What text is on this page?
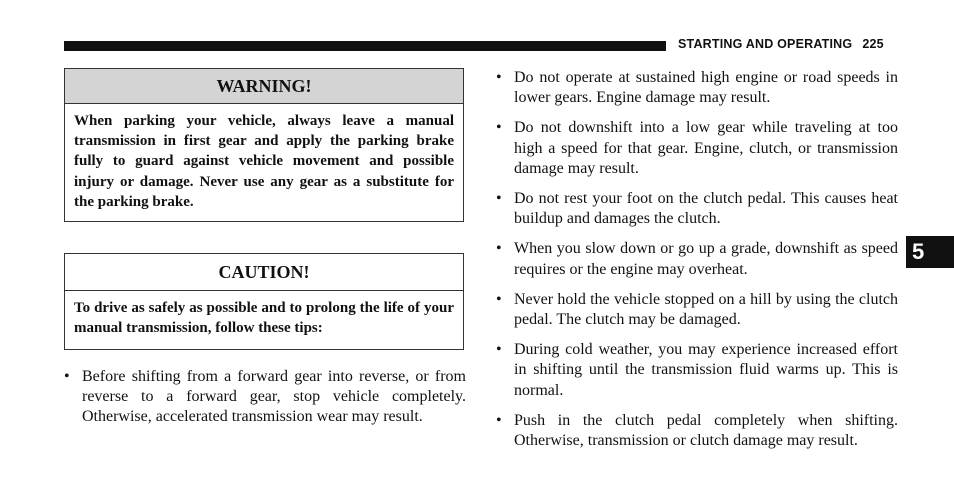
STARTING AND OPERATING 225
WARNING!
When parking your vehicle, always leave a manual transmission in first gear and apply the parking brake fully to guard against vehicle movement and possible injury or damage. Never use any gear as a substitute for the parking brake.
CAUTION!
To drive as safely as possible and to prolong the life of your manual transmission, follow these tips:
• Before shifting from a forward gear into reverse, or from reverse to a forward gear, stop vehicle completely. Otherwise, accelerated transmission wear may result.
• Do not operate at sustained high engine or road speeds in lower gears. Engine damage may result.
• Do not downshift into a low gear while traveling at too high a speed for that gear. Engine, clutch, or transmission damage may result.
• Do not rest your foot on the clutch pedal. This causes heat buildup and damages the clutch.
• When you slow down or go up a grade, downshift as speed requires or the engine may overheat.
• Never hold the vehicle stopped on a hill by using the clutch pedal. The clutch may be damaged.
• During cold weather, you may experience increased effort in shifting until the transmission fluid warms up. This is normal.
• Push in the clutch pedal completely when shifting. Otherwise, transmission or clutch damage may result.
5
